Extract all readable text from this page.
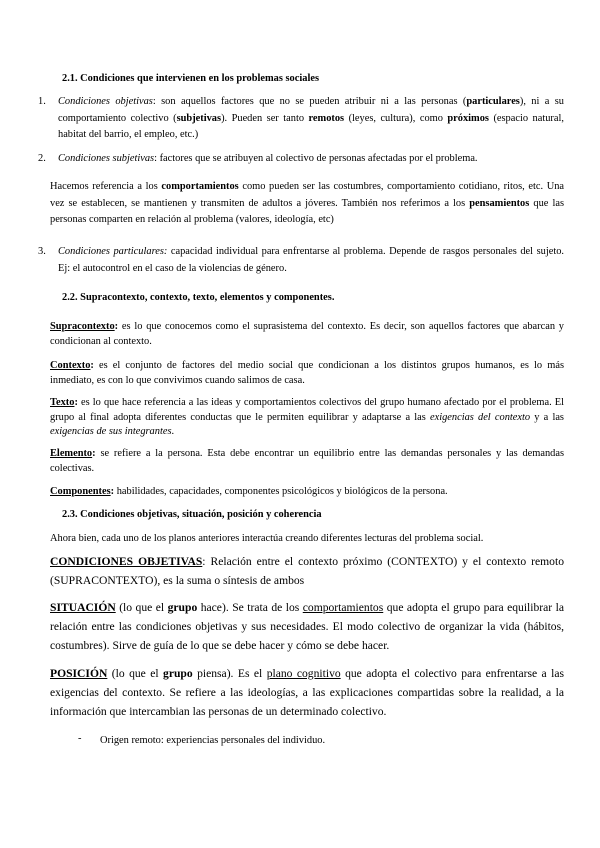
2.1. Condiciones que intervienen en los problemas sociales
1. Condiciones objetivas: son aquellos factores que no se pueden atribuir ni a las personas (particulares), ni a su comportamiento colectivo (subjetivas). Pueden ser tanto remotos (leyes, cultura), como próximos (espacio natural, habitat del barrio, el empleo, etc.)
2. Condiciones subjetivas: factores que se atribuyen al colectivo de personas afectadas por el problema.
Hacemos referencia a los comportamientos como pueden ser las costumbres, comportamiento cotidiano, ritos, etc. Una vez se establecen, se mantienen y transmiten de adultos a jóveres. También nos referimos a los pensamientos que las personas comparten en relación al problema (valores, ideología, etc)
3. Condiciones particulares: capacidad individual para enfrentarse al problema. Depende de rasgos personales del sujeto. Ej: el autocontrol en el caso de la violencias de género.
2.2. Supracontexto, contexto, texto, elementos y componentes.
Supracontexto: es lo que conocemos como el suprasistema del contexto. Es decir, son aquellos factores que abarcan y condicionan al contexto.
Contexto: es el conjunto de factores del medio social que condicionan a los distintos grupos humanos, es lo más inmediato, es con lo que convivimos cuando salimos de casa.
Texto: es lo que hace referencia a las ideas y comportamientos colectivos del grupo humano afectado por el problema. El grupo al final adopta diferentes conductas que le permiten equilibrar y adaptarse a las exigencias del contexto y a las exigencias de sus integrantes.
Elemento: se refiere a la persona. Esta debe encontrar un equilibrio entre las demandas personales y las demandas colectivas.
Componentes: habilidades, capacidades, componentes psicológicos y biológicos de la persona.
2.3. Condiciones objetivas, situación, posición y coherencia
Ahora bien, cada uno de los planos anteriores interactúa creando diferentes lecturas del problema social.
CONDICIONES OBJETIVAS: Relación entre el contexto próximo (CONTEXTO) y el contexto remoto (SUPRACONTEXTO), es la suma o síntesis de ambos
SITUACIÓN (lo que el grupo hace). Se trata de los comportamientos que adopta el grupo para equilibrar la relación entre las condiciones objetivas y sus necesidades. El modo colectivo de organizar la vida (hábitos, costumbres). Sirve de guía de lo que se debe hacer y cómo se debe hacer.
POSICIÓN (lo que el grupo piensa). Es el plano cognitivo que adopta el colectivo para enfrentarse a las exigencias del contexto. Se refiere a las ideologías, a las explicaciones compartidas sobre la realidad, a la información que intercambian las personas de un determinado colectivo.
- Origen remoto: experiencias personales del individuo.
